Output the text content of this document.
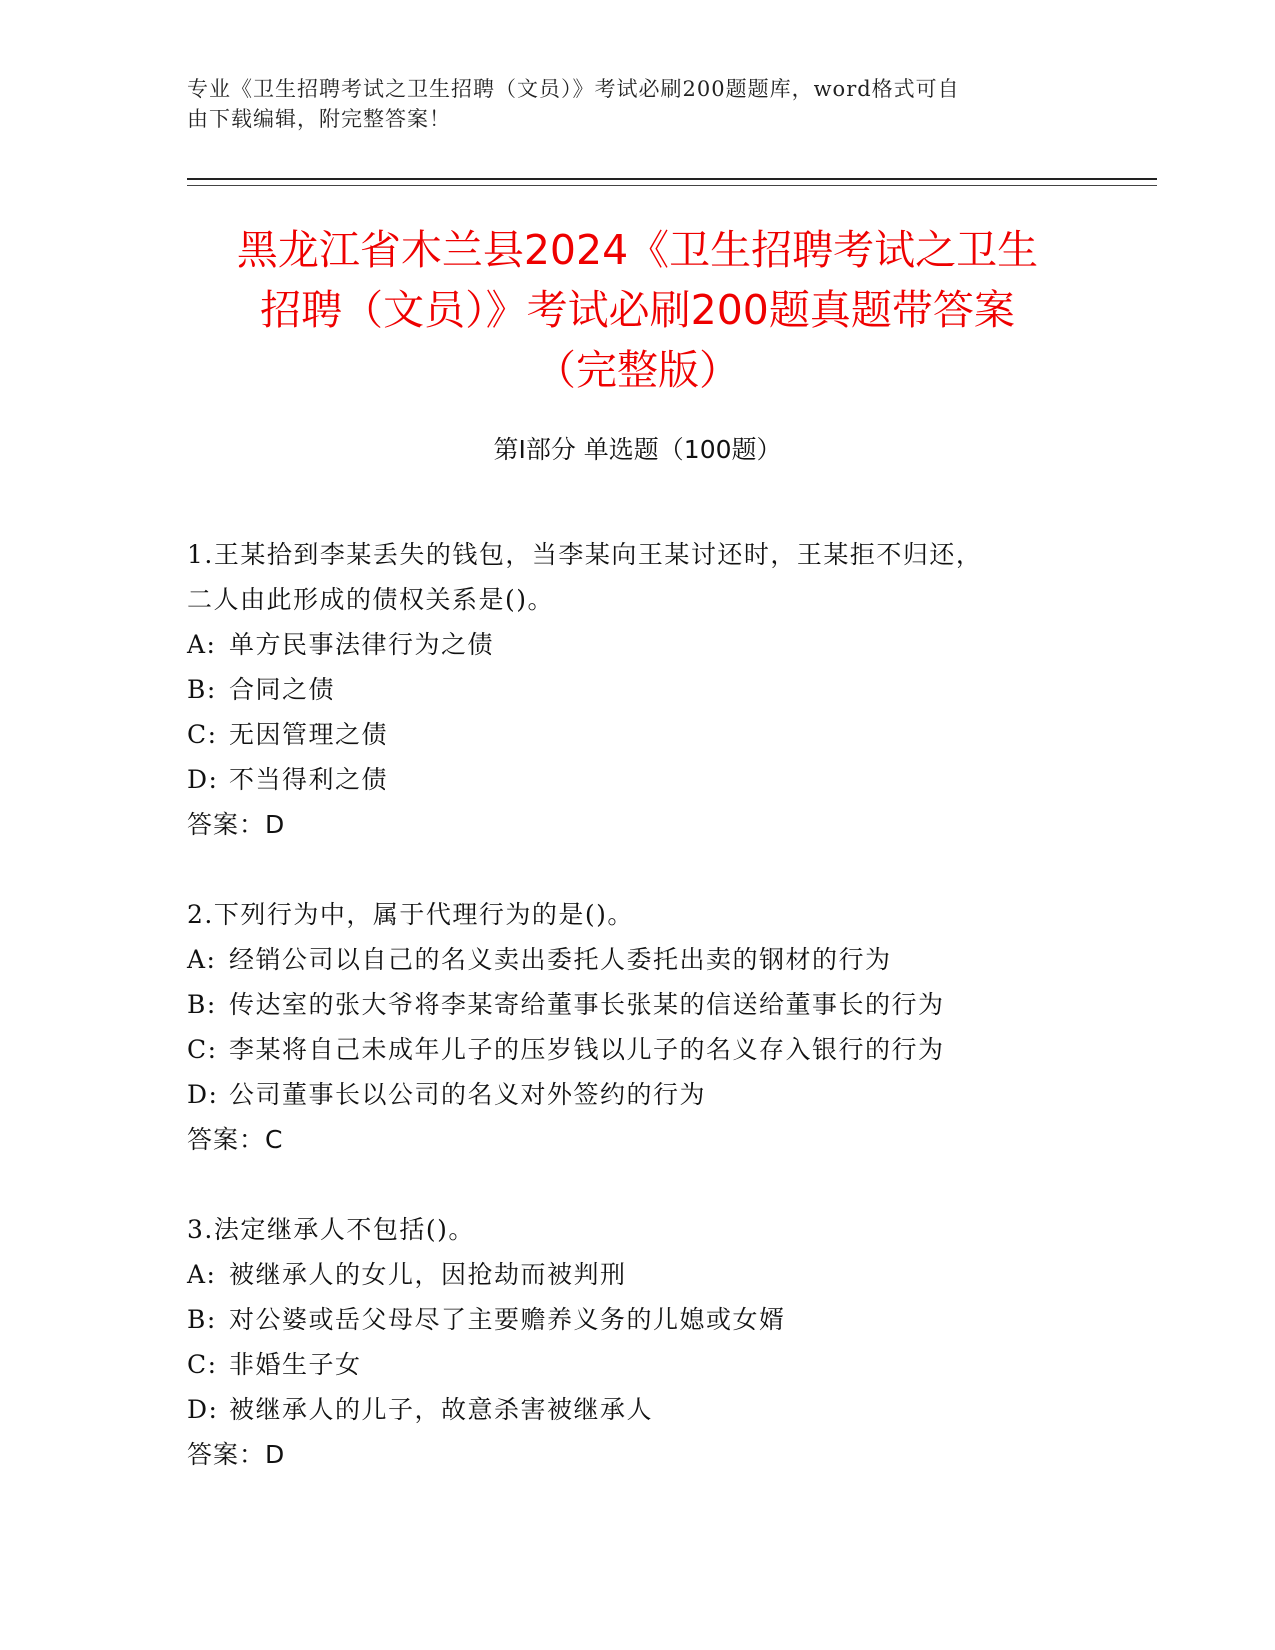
专业《卫生招聘考试之卫生招聘（文员）》考试必刷200题题库，word格式可自
由下载编辑，附完整答案！
黑龙江省木兰县2024《卫生招聘考试之卫生
招聘（文员）》考试必刷200题真题带答案
（完整版）
第Ⅰ部分 单选题（100题）
1.王某拾到李某丢失的钱包，当李某向王某讨还时，王某拒不归还，
二人由此形成的债权关系是()。
A: 单方民事法律行为之债
B: 合同之债
C: 无因管理之债
D: 不当得利之债
答案：D
2.下列行为中，属于代理行为的是()。
A: 经销公司以自己的名义卖出委托人委托出卖的钢材的行为
B: 传达室的张大爷将李某寄给董事长张某的信送给董事长的行为
C: 李某将自己未成年儿子的压岁钱以儿子的名义存入银行的行为
D: 公司董事长以公司的名义对外签约的行为
答案：C
3.法定继承人不包括()。
A: 被继承人的女儿，因抢劫而被判刑
B: 对公婆或岳父母尽了主要赡养义务的儿媳或女婿
C: 非婚生子女
D: 被继承人的儿子，故意杀害被继承人
答案：D
